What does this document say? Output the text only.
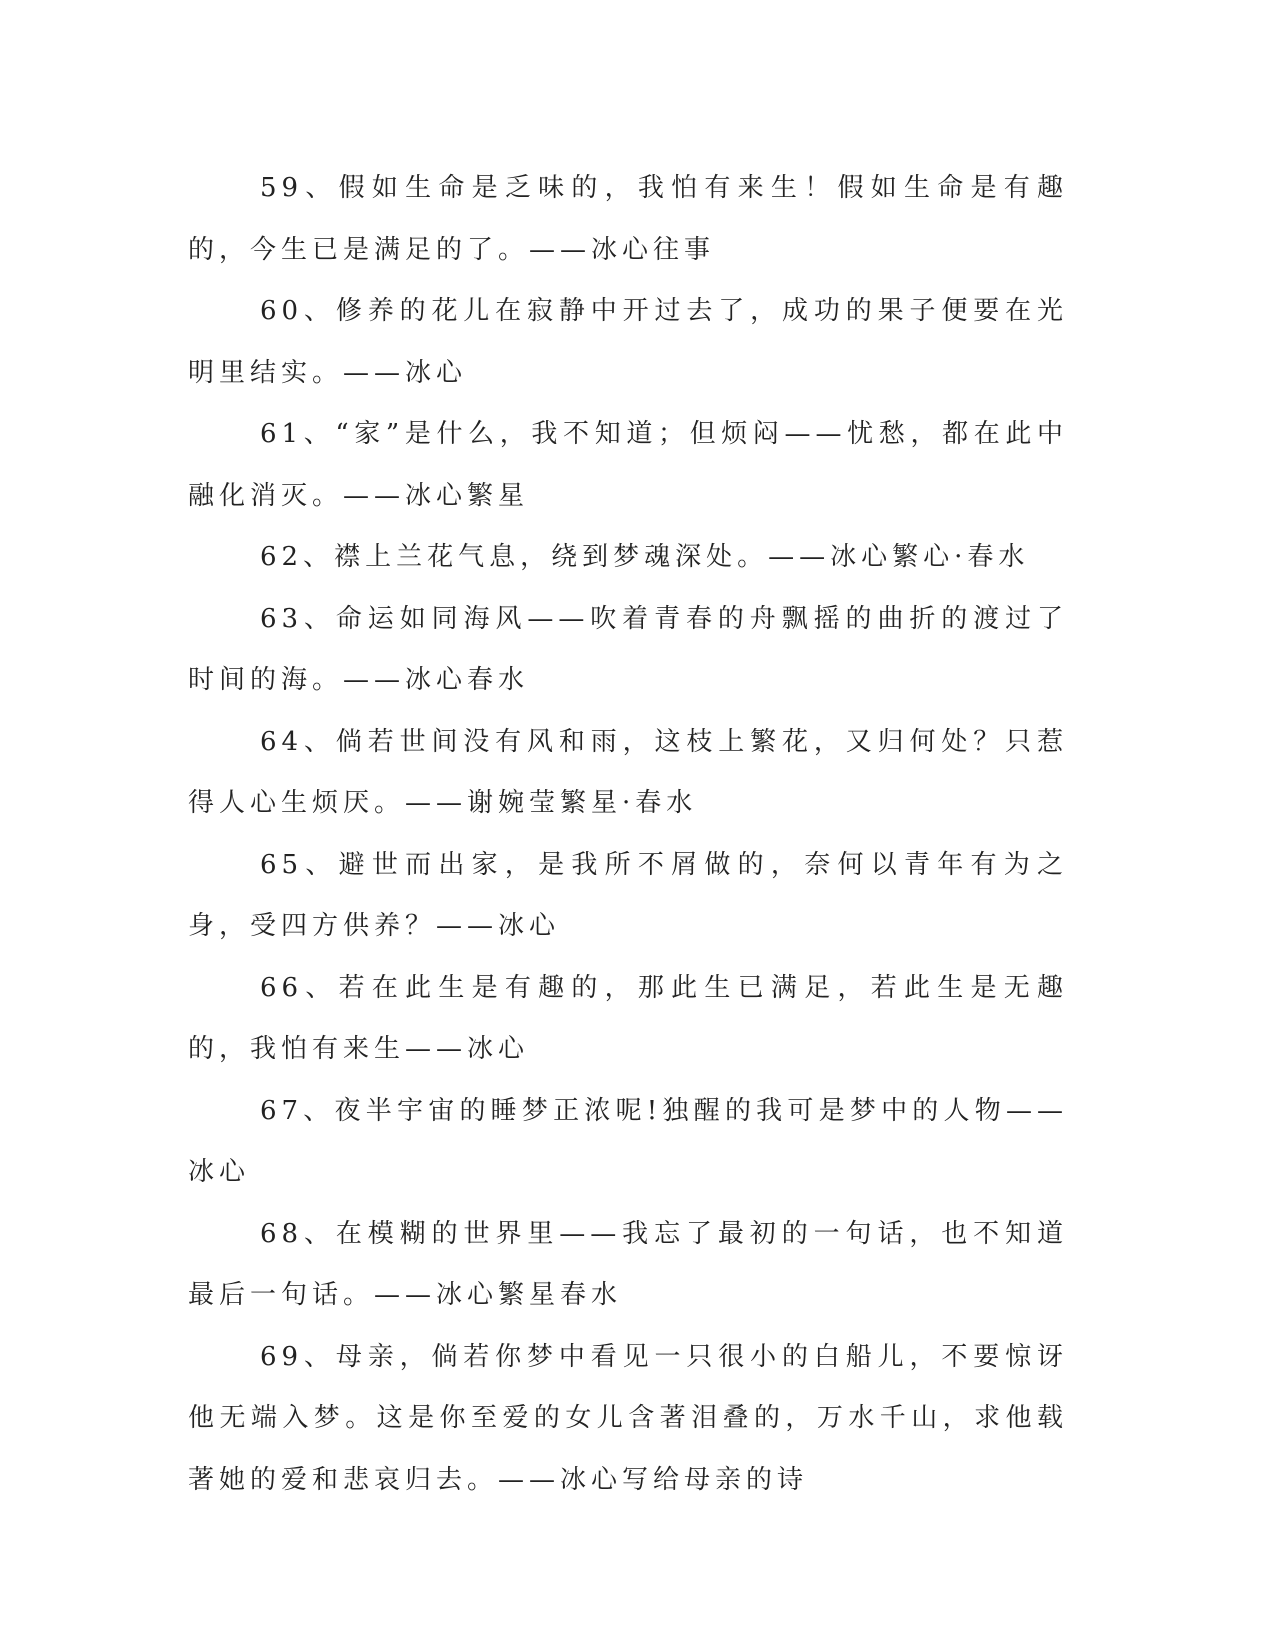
59、假如生命是乏味的，我怕有来生！假如生命是有趣的，今生已是满足的了。——冰心往事

60、修养的花儿在寂静中开过去了，成功的果子便要在光明里结实。——冰心

61、“家”是什么，我不知道；但烦闷——忧愁，都在此中融化消灭。——冰心繁星

62、襟上兰花气息，绕到梦魂深处。——冰心繁心·春水

63、命运如同海风——吹着青春的舟飘摇的曲折的渡过了时间的海。——冰心春水

64、倘若世间没有风和雨，这枝上繁花，又归何处？只惹得人心生烦厌。——谢婉莹繁星·春水

65、避世而出家，是我所不屑做的，奈何以青年有为之身，受四方供养？——冰心

66、若在此生是有趣的，那此生已满足，若此生是无趣的，我怕有来生——冰心

67、夜半宇宙的睡梦正浓呢!独醒的我可是梦中的人物——冰心

68、在模糊的世界里——我忘了最初的一句话，也不知道最后一句话。——冰心繁星春水

69、母亲，倘若你梦中看见一只很小的白船儿，不要惊讶他无端入梦。这是你至爱的女儿含著泪叠的，万水千山，求他载著她的爱和悲哀归去。——冰心写给母亲的诗
